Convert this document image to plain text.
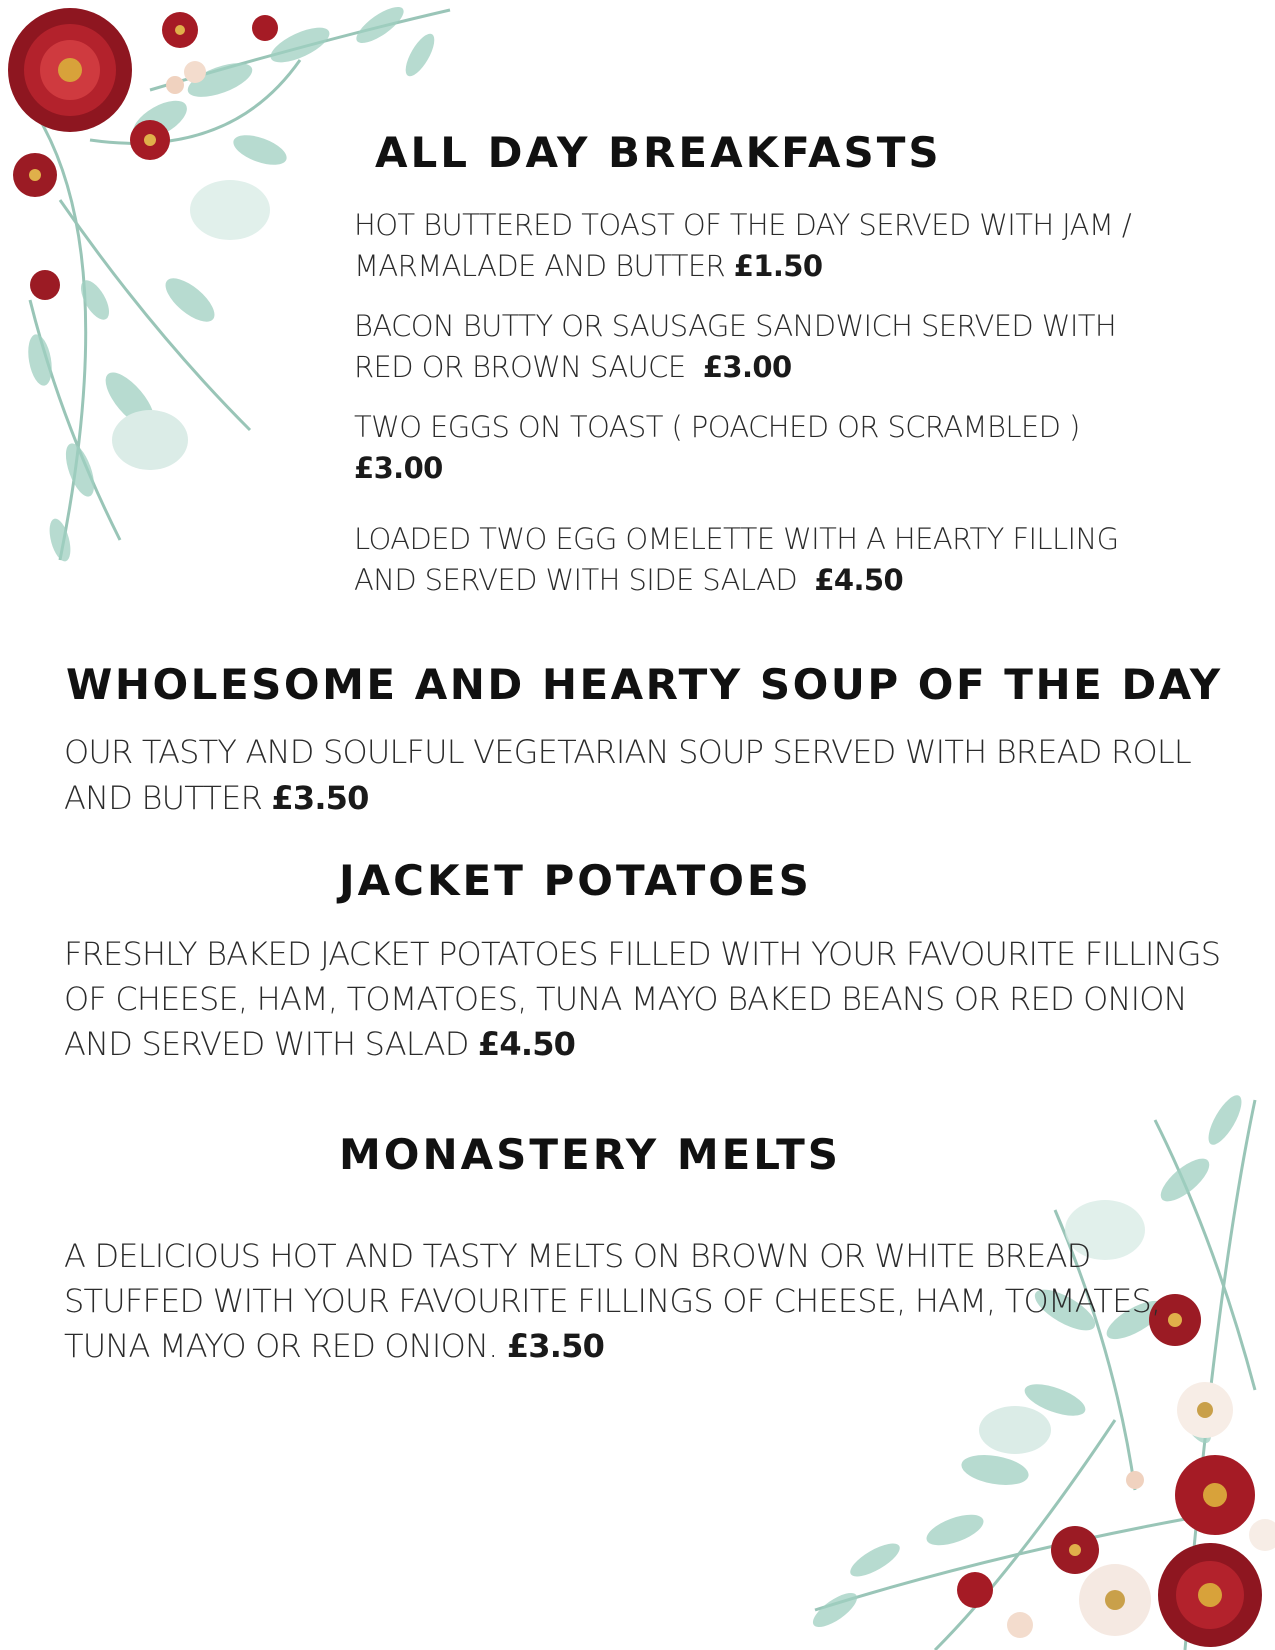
ALL DAY BREAKFASTS

HOT BUTTERED TOAST OF THE DAY SERVED WITH JAM / MARMALADE AND BUTTER £1.50

BACON BUTTY OR SAUSAGE SANDWICH SERVED WITH RED OR BROWN SAUCE £3.00

TWO EGGS ON TOAST ( POACHED OR SCRAMBLED )
£3.00

LOADED TWO EGG OMELETTE WITH A HEARTY FILLING AND SERVED WITH SIDE SALAD £4.50

WHOLESOME AND HEARTY SOUP OF THE DAY

OUR TASTY AND SOULFUL VEGETARIAN SOUP SERVED WITH BREAD ROLL AND BUTTER £3.50

JACKET POTATOES

FRESHLY BAKED JACKET POTATOES FILLED WITH YOUR FAVOURITE FILLINGS OF CHEESE, HAM, TOMATOES, TUNA MAYO BAKED BEANS OR RED ONION AND SERVED WITH SALAD £4.50

MONASTERY MELTS

A DELICIOUS HOT AND TASTY MELTS ON BROWN OR WHITE BREAD STUFFED WITH YOUR FAVOURITE FILLINGS OF CHEESE, HAM, TOMATES, TUNA MAYO OR RED ONION. £3.50
